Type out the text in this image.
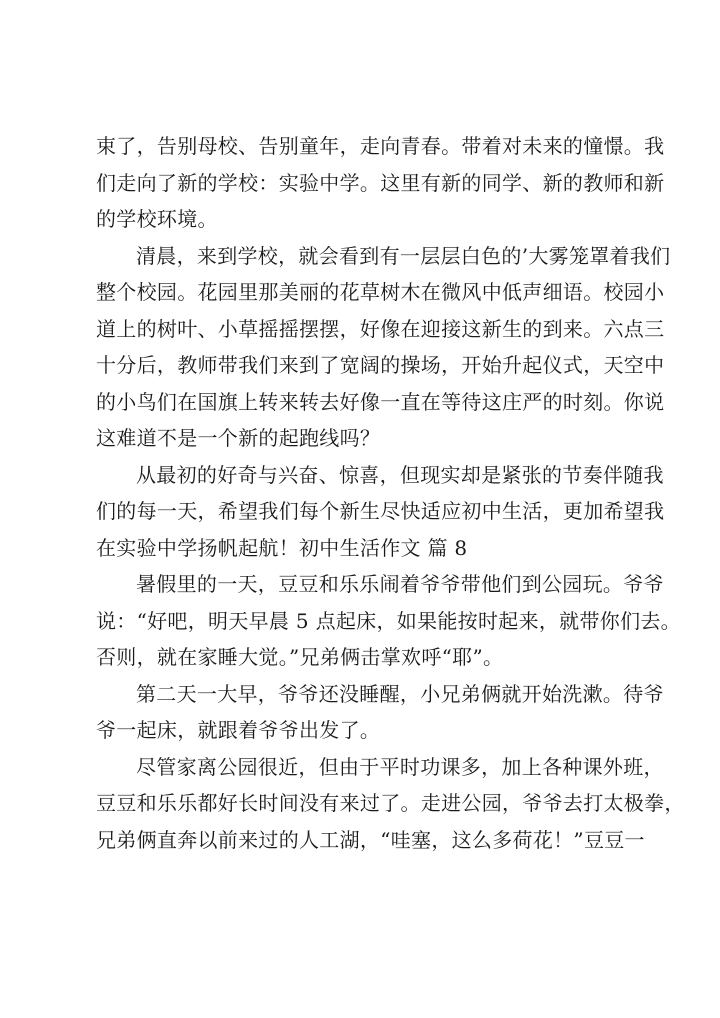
束了，告别母校、告别童年，走向青春。带着对未来的憧憬。我
们走向了新的学校：实验中学。这里有新的同学、新的教师和新
的学校环境。
清晨，来到学校，就会看到有一层层白色的’大雾笼罩着我们
整个校园。花园里那美丽的花草树木在微风中低声细语。校园小
道上的树叶、小草摇摇摆摆，好像在迎接这新生的到来。六点三
十分后，教师带我们来到了宽阔的操场，开始升起仪式，天空中
的小鸟们在国旗上转来转去好像一直在等待这庄严的时刻。你说
这难道不是一个新的起跑线吗？
从最初的好奇与兴奋、惊喜，但现实却是紧张的节奏伴随我
们的每一天，希望我们每个新生尽快适应初中生活，更加希望我
在实验中学扬帆起航！初中生活作文 篇 8
暑假里的一天，豆豆和乐乐闹着爷爷带他们到公园玩。爷爷
说：“好吧，明天早晨 5 点起床，如果能按时起来，就带你们去。
否则，就在家睡大觉。”兄弟俩击掌欢呼“耶”。
第二天一大早，爷爷还没睡醒，小兄弟俩就开始洗漱。待爷
爷一起床，就跟着爷爷出发了。
尽管家离公园很近，但由于平时功课多，加上各种课外班，
豆豆和乐乐都好长时间没有来过了。走进公园，爷爷去打太极拳，
兄弟俩直奔以前来过的人工湖，“哇塞，这么多荷花！”豆豆一
